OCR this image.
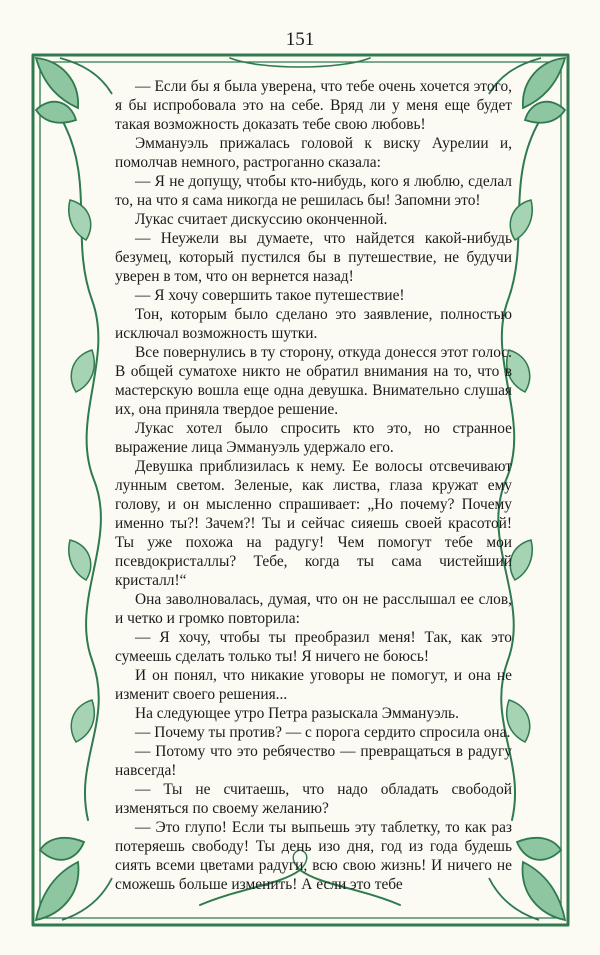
151

— Если бы я была уверена, что тебе очень хочется этого, я бы испробовала это на себе. Вряд ли у меня еще будет такая возможность доказать тебе свою любовь!

Эммануэль прижалась головой к виску Аурелии и, помолчав немного, растроганно сказала:

— Я не допущу, чтобы кто-нибудь, кого я люблю, сделал то, на что я сама никогда не решилась бы! Запомни это!

Лукас считает дискуссию оконченной.

— Неужели вы думаете, что найдется какой-нибудь безумец, который пустился бы в путешествие, не будучи уверен в том, что он вернется назад!

— Я хочу совершить такое путешествие!

Тон, которым было сделано это заявление, полностью исключал возможность шутки.

Все повернулись в ту сторону, откуда донесся этот голос. В общей суматохе никто не обратил внимания на то, что в мастерскую вошла еще одна девушка. Внимательно слушая их, она приняла твердое решение.

Лукас хотел было спросить кто это, но странное выражение лица Эммануэль удержало его.

Девушка приблизилась к нему. Ее волосы отсвечивают лунным светом. Зеленые, как листва, глаза кружат ему голову, и он мысленно спрашивает: „Но почему? Почему именно ты?! Зачем?! Ты и сейчас сияешь своей красотой! Ты уже похожа на радугу! Чем помогут тебе мои псевдокристаллы? Тебе, когда ты сама чистейший кристалл!“

Она заволновалась, думая, что он не расслышал ее слов, и четко и громко повторила:

— Я хочу, чтобы ты преобразил меня! Так, как это сумеешь сделать только ты! Я ничего не боюсь!

И он понял, что никакие уговоры не помогут, и она не изменит своего решения...

На следующее утро Петра разыскала Эммануэль.

— Почему ты против? — с порога сердито спросила она.

— Потому что это ребячество — превращаться в радугу навсегда!

— Ты не считаешь, что надо обладать свободой изменяться по своему желанию?

— Это глупо! Если ты выпьешь эту таблетку, то как раз потеряешь свободу! Ты день изо дня, год из года будешь сиять всеми цветами радуги, всю свою жизнь! И ничего не сможешь больше изменить! А если это тебе
